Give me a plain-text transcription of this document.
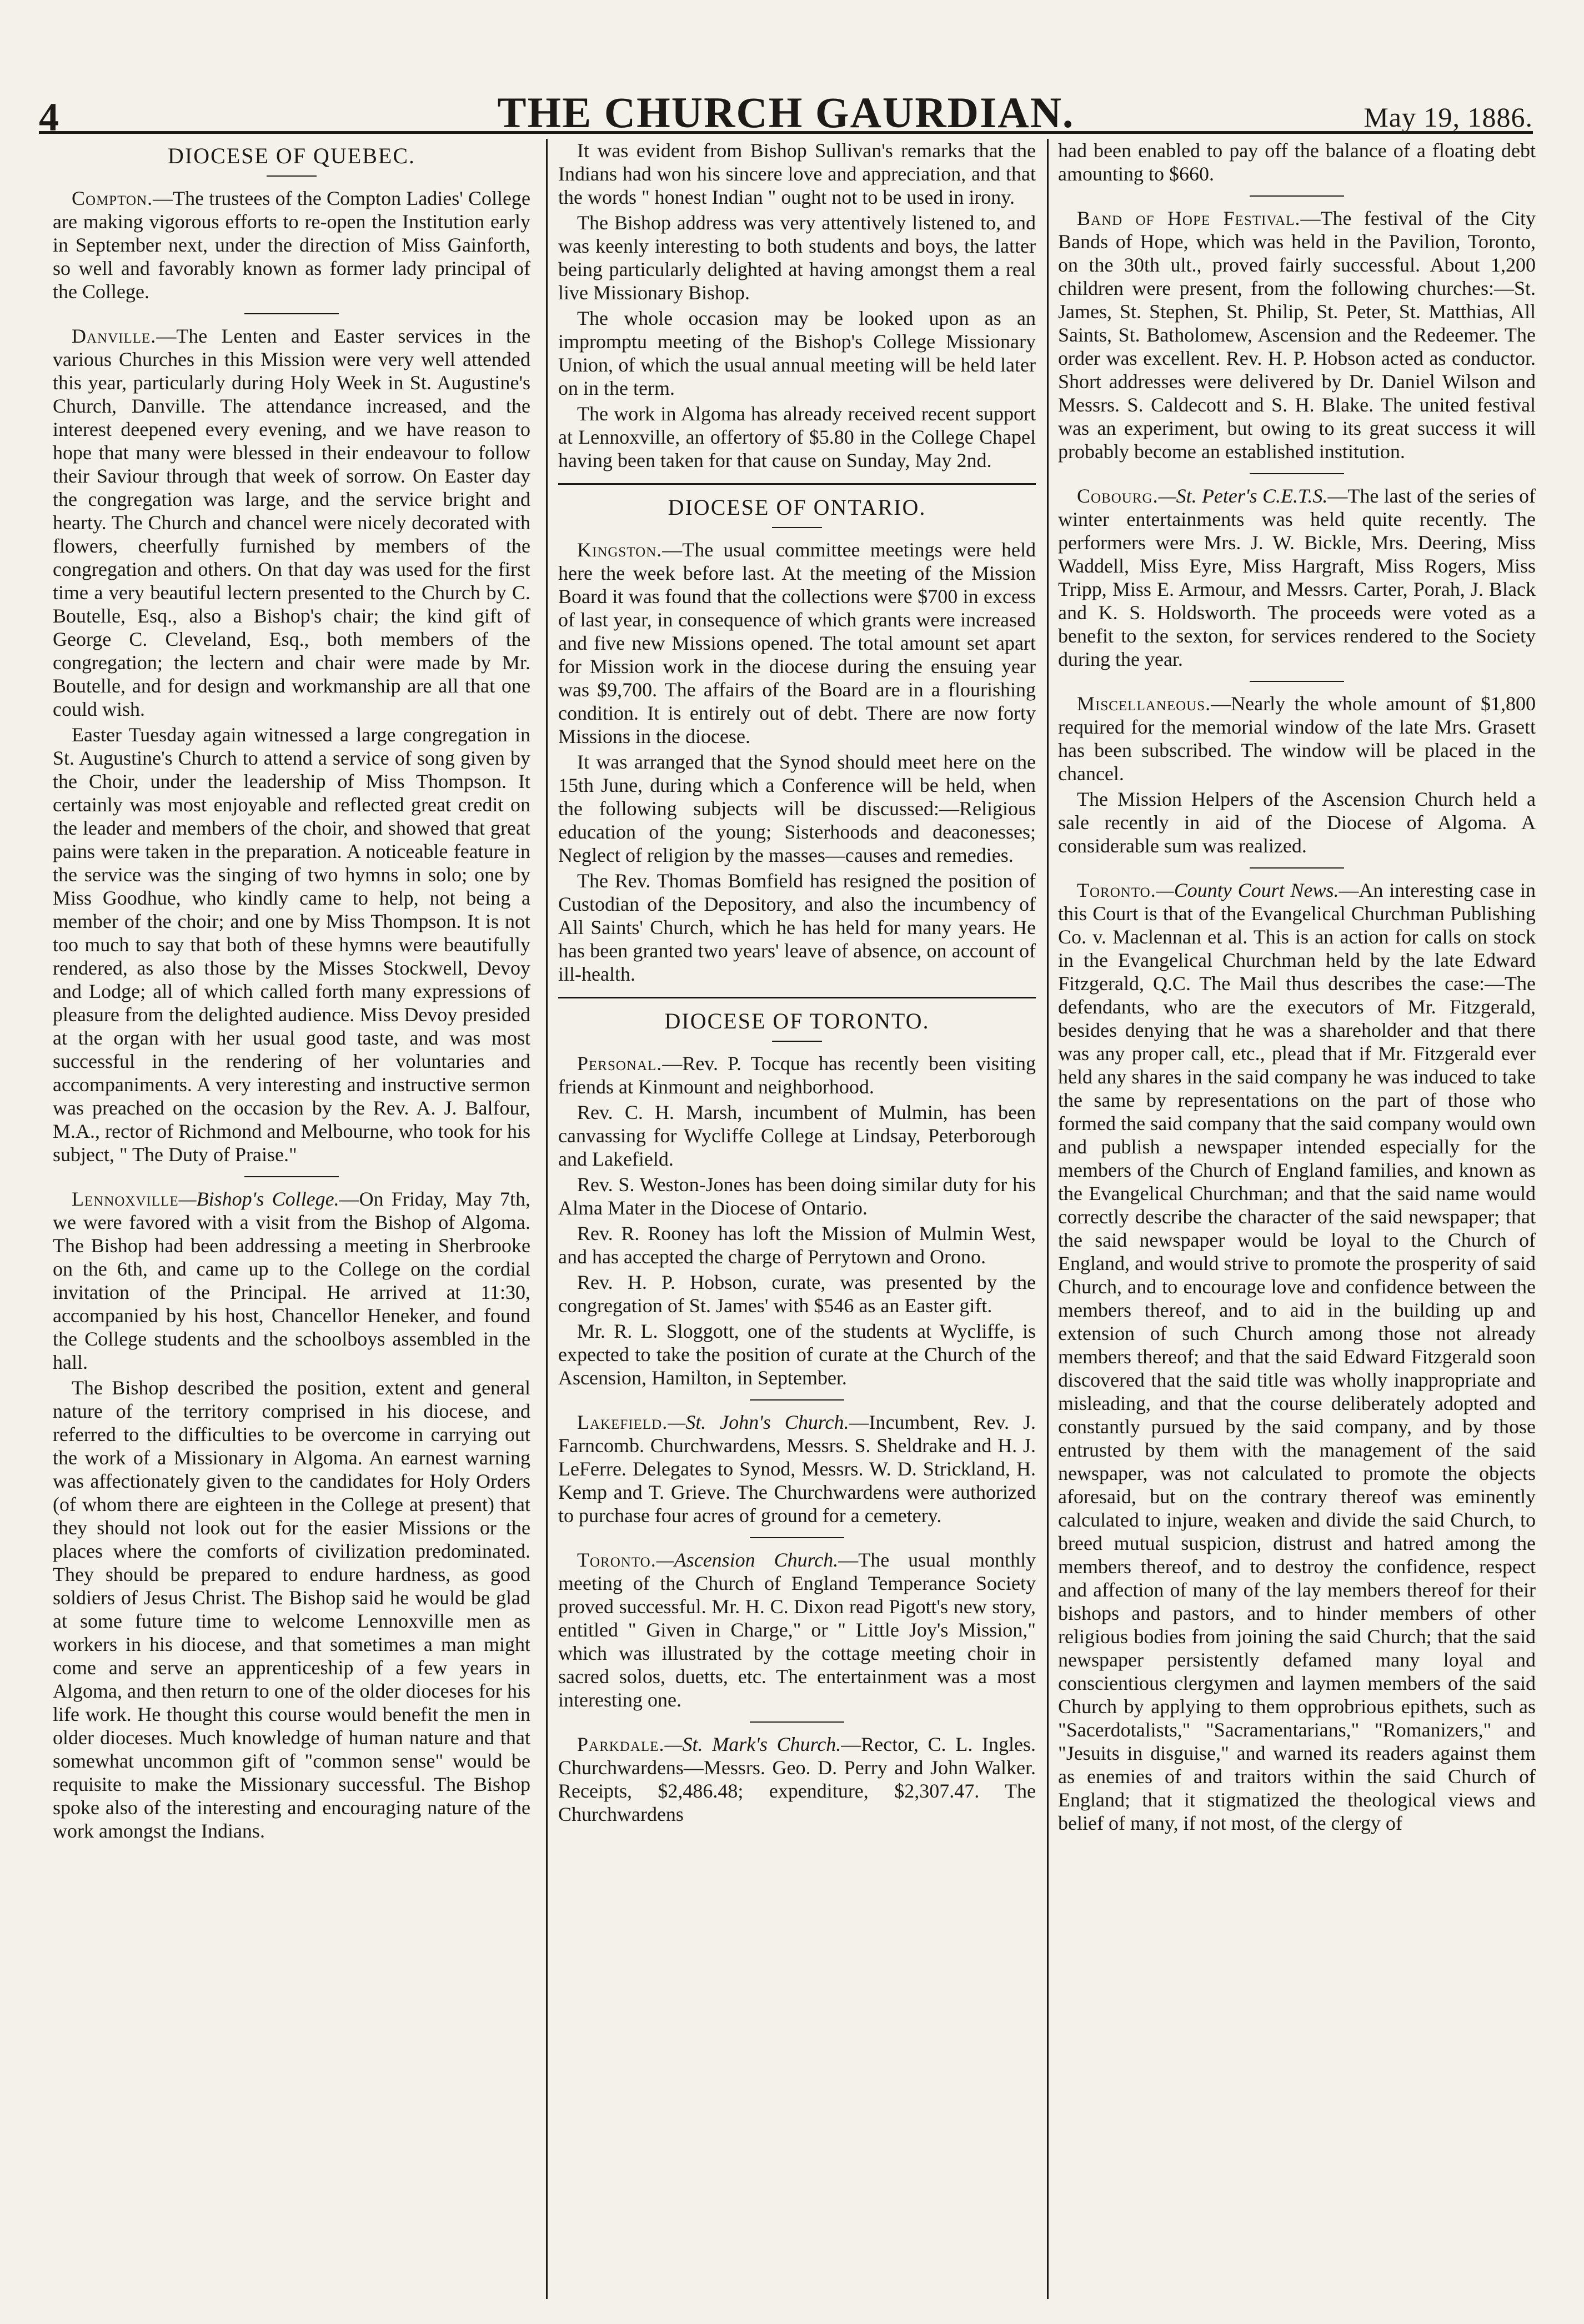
4	THE CHURCH GAURDIAN.	May 19, 1886.
DIOCESE OF QUEBEC.

Compton.—The trustees of the Compton Ladies' College are making vigorous efforts to re-open the Institution early in September next, under the direction of Miss Gainforth, so well and favorably known as former lady principal of the College.

Danville.—The Lenten and Easter services in the various Churches in this Mission were very well attended this year, particularly during Holy Week in St. Augustine's Church, Danville. The attendance increased, and the interest deepened every evening, and we have reason to hope that many were blessed in their endeavour to follow their Saviour through that week of sorrow. On Easter day the congregation was large, and the service bright and hearty. The Church and chancel were nicely decorated with flowers, cheerfully furnished by members of the congregation and others. On that day was used for the first time a very beautiful lectern presented to the Church by C. Boutelle, Esq., also a Bishop's chair; the kind gift of George C. Cleveland, Esq., both members of the congregation; the lectern and chair were made by Mr. Boutelle, and for design and workmanship are all that one could wish.

Easter Tuesday again witnessed a large congregation in St. Augustine's Church to attend a service of song given by the Choir, under the leadership of Miss Thompson. It certainly was most enjoyable and reflected great credit on the leader and members of the choir, and showed that great pains were taken in the preparation. A noticeable feature in the service was the singing of two hymns in solo; one by Miss Goodhue, who kindly came to help, not being a member of the choir; and one by Miss Thompson. It is not too much to say that both of these hymns were beautifully rendered, as also those by the Misses Stockwell, Devoy and Lodge; all of which called forth many expressions of pleasure from the delighted audience. Miss Devoy presided at the organ with her usual good taste, and was most successful in the rendering of her voluntaries and accompaniments. A very interesting and instructive sermon was preached on the occasion by the Rev. A. J. Balfour, M.A., rector of Richmond and Melbourne, who took for his subject, " The Duty of Praise."

Lennoxville—Bishop's College.—On Friday, May 7th, we were favored with a visit from the Bishop of Algoma. The Bishop had been addressing a meeting in Sherbrooke on the 6th, and came up to the College on the cordial invitation of the Principal. He arrived at 11:30, accompanied by his host, Chancellor Heneker, and found the College students and the schoolboys assembled in the hall.

The Bishop described the position, extent and general nature of the territory comprised in his diocese, and referred to the difficulties to be overcome in carrying out the work of a Missionary in Algoma. An earnest warning was affectionately given to the candidates for Holy Orders (of whom there are eighteen in the College at present) that they should not look out for the easier Missions or the places where the comforts of civilization predominated. They should be prepared to endure hardness, as good soldiers of Jesus Christ. The Bishop said he would be glad at some future time to welcome Lennoxville men as workers in his diocese, and that sometimes a man might come and serve an apprenticeship of a few years in Algoma, and then return to one of the older dioceses for his life work. He thought this course would benefit the men in older dioceses. Much knowledge of human nature and that somewhat uncommon gift of "common sense" would be requisite to make the Missionary successful. The Bishop spoke also of the interesting and encouraging nature of the work amongst the Indians.

It was evident from Bishop Sullivan's remarks that the Indians had won his sincere love and appreciation, and that the words " honest Indian " ought not to be used in irony.

The Bishop address was very attentively listened to, and was keenly interesting to both students and boys, the latter being particularly delighted at having amongst them a real live Missionary Bishop.

The whole occasion may be looked upon as an impromptu meeting of the Bishop's College Missionary Union, of which the usual annual meeting will be held later on in the term.

The work in Algoma has already received recent support at Lennoxville, an offertory of $5.80 in the College Chapel having been taken for that cause on Sunday, May 2nd.

DIOCESE OF ONTARIO.

Kingston.—The usual committee meetings were held here the week before last. At the meeting of the Mission Board it was found that the collections were $700 in excess of last year, in consequence of which grants were increased and five new Missions opened. The total amount set apart for Mission work in the diocese during the ensuing year was $9,700. The affairs of the Board are in a flourishing condition. It is entirely out of debt. There are now forty Missions in the diocese.

It was arranged that the Synod should meet here on the 15th June, during which a Conference will be held, when the following subjects will be discussed:—Religious education of the young; Sisterhoods and deaconesses; Neglect of religion by the masses—causes and remedies.

The Rev. Thomas Bomfield has resigned the position of Custodian of the Depository, and also the incumbency of All Saints' Church, which he has held for many years. He has been granted two years' leave of absence, on account of ill-health.

DIOCESE OF TORONTO.

Personal.—Rev. P. Tocque has recently been visiting friends at Kinmount and neighborhood.

Rev. C. H. Marsh, incumbent of Mulmin, has been canvassing for Wycliffe College at Lindsay, Peterborough and Lakefield.

Rev. S. Weston-Jones has been doing similar duty for his Alma Mater in the Diocese of Ontario.

Rev. R. Rooney has loft the Mission of Mulmin West, and has accepted the charge of Perrytown and Orono.

Rev. H. P. Hobson, curate, was presented by the congregation of St. James' with $546 as an Easter gift.

Mr. R. L. Sloggott, one of the students at Wycliffe, is expected to take the position of curate at the Church of the Ascension, Hamilton, in September.

Lakefield.—St. John's Church.—Incumbent, Rev. J. Farncomb. Churchwardens, Messrs. S. Sheldrake and H. J. LeFerre. Delegates to Synod, Messrs. W. D. Strickland, H. Kemp and T. Grieve. The Churchwardens were authorized to purchase four acres of ground for a cemetery.

Toronto.—Ascension Church.—The usual monthly meeting of the Church of England Temperance Society proved successful. Mr. H. C. Dixon read Pigott's new story, entitled " Given in Charge," or " Little Joy's Mission," which was illustrated by the cottage meeting choir in sacred solos, duetts, etc. The entertainment was a most interesting one.

Parkdale.—St. Mark's Church.—Rector, C. L. Ingles. Churchwardens—Messrs. Geo. D. Perry and John Walker. Receipts, $2,486.48; expenditure, $2,307.47. The Churchwardens

had been enabled to pay off the balance of a floating debt amounting to $660.

Band of Hope Festival.—The festival of the City Bands of Hope, which was held in the Pavilion, Toronto, on the 30th ult., proved fairly successful. About 1,200 children were present, from the following churches:—St. James, St. Stephen, St. Philip, St. Peter, St. Matthias, All Saints, St. Batholomew, Ascension and the Redeemer. The order was excellent. Rev. H. P. Hobson acted as conductor. Short addresses were delivered by Dr. Daniel Wilson and Messrs. S. Caldecott and S. H. Blake. The united festival was an experiment, but owing to its great success it will probably become an established institution.

Cobourg.—St. Peter's C.E.T.S.—The last of the series of winter entertainments was held quite recently. The performers were Mrs. J. W. Bickle, Mrs. Deering, Miss Waddell, Miss Eyre, Miss Hargraft, Miss Rogers, Miss Tripp, Miss E. Armour, and Messrs. Carter, Porah, J. Black and K. S. Holdsworth. The proceeds were voted as a benefit to the sexton, for services rendered to the Society during the year.

Miscellaneous.—Nearly the whole amount of $1,800 required for the memorial window of the late Mrs. Grasett has been subscribed. The window will be placed in the chancel.

The Mission Helpers of the Ascension Church held a sale recently in aid of the Diocese of Algoma. A considerable sum was realized.

Toronto.—County Court News.—An interesting case in this Court is that of the Evangelical Churchman Publishing Co. v. Maclennan et al. This is an action for calls on stock in the Evangelical Churchman held by the late Edward Fitzgerald, Q.C. The Mail thus describes the case:—The defendants, who are the executors of Mr. Fitzgerald, besides denying that he was a shareholder and that there was any proper call, etc., plead that if Mr. Fitzgerald ever held any shares in the said company he was induced to take the same by representations on the part of those who formed the said company that the said company would own and publish a newspaper intended especially for the members of the Church of England families, and known as the Evangelical Churchman; and that the said name would correctly describe the character of the said newspaper; that the said newspaper would be loyal to the Church of England, and would strive to promote the prosperity of said Church, and to encourage love and confidence between the members thereof, and to aid in the building up and extension of such Church among those not already members thereof; and that the said Edward Fitzgerald soon discovered that the said title was wholly inappropriate and misleading, and that the course deliberately adopted and constantly pursued by the said company, and by those entrusted by them with the management of the said newspaper, was not calculated to promote the objects aforesaid, but on the contrary thereof was eminently calculated to injure, weaken and divide the said Church, to breed mutual suspicion, distrust and hatred among the members thereof, and to destroy the confidence, respect and affection of many of the lay members thereof for their bishops and pastors, and to hinder members of other religious bodies from joining the said Church; that the said newspaper persistently defamed many loyal and conscientious clergymen and laymen members of the said Church by applying to them opprobrious epithets, such as "Sacerdotalists," "Sacramentarians," "Romanizers," and "Jesuits in disguise," and warned its readers against them as enemies of and traitors within the said Church of England; that it stigmatized the theological views and belief of many, if not most, of the clergy of
